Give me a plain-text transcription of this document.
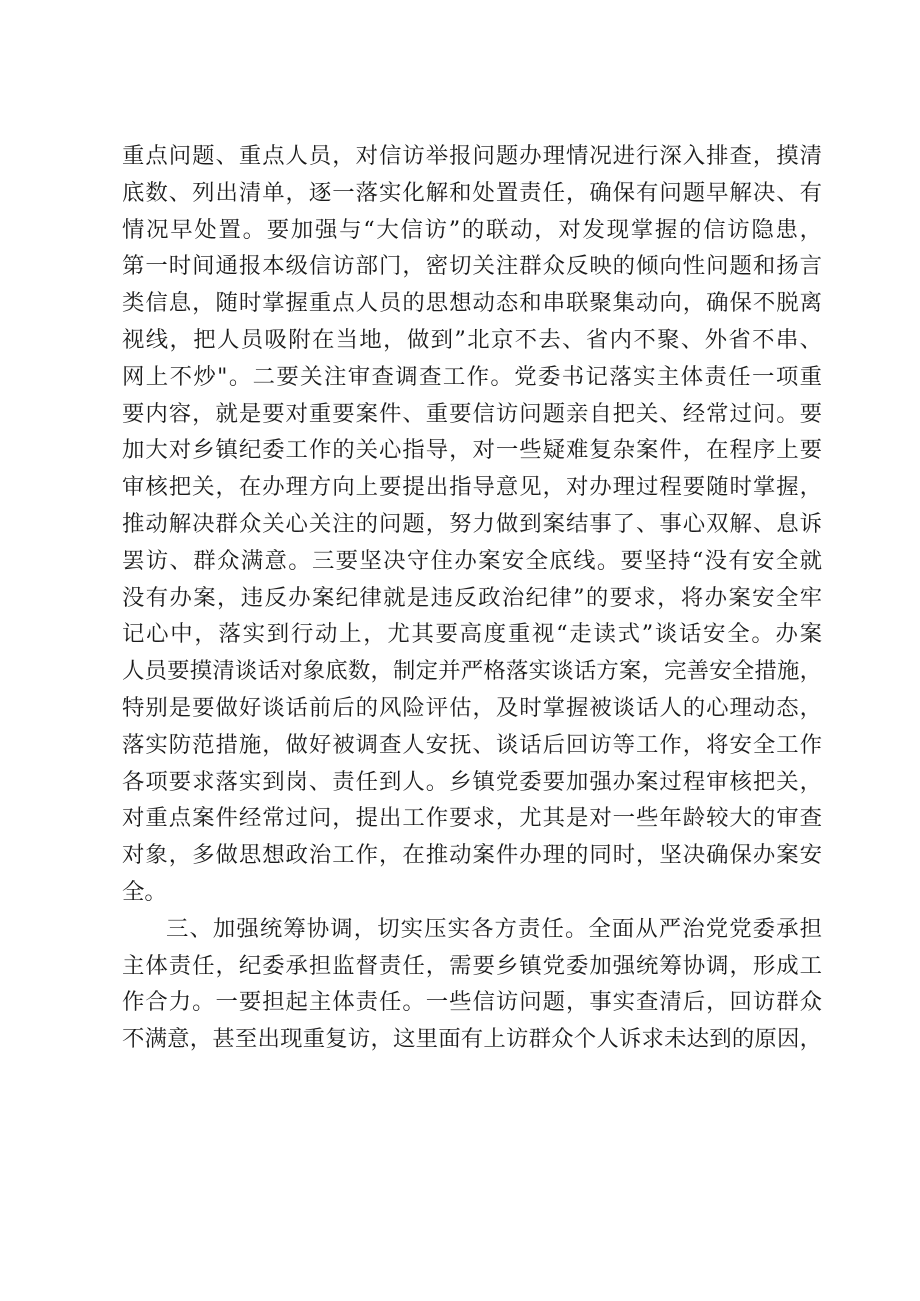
重点问题、重点人员，对信访举报问题办理情况进行深入排查，摸清
底数、列出清单，逐一落实化解和处置责任，确保有问题早解决、有
情况早处置。要加强与“大信访”的联动，对发现掌握的信访隐患，
第一时间通报本级信访部门，密切关注群众反映的倾向性问题和扬言
类信息，随时掌握重点人员的思想动态和串联聚集动向，确保不脱离
视线，把人员吸附在当地，做到”北京不去、省内不聚、外省不串、
网上不炒"。二要关注审查调查工作。党委书记落实主体责任一项重
要内容，就是要对重要案件、重要信访问题亲自把关、经常过问。要
加大对乡镇纪委工作的关心指导，对一些疑难复杂案件，在程序上要
审核把关，在办理方向上要提出指导意见，对办理过程要随时掌握，
推动解决群众关心关注的问题，努力做到案结事了、事心双解、息诉
罢访、群众满意。三要坚决守住办案安全底线。要坚持“没有安全就
没有办案，违反办案纪律就是违反政治纪律”的要求，将办案安全牢
记心中，落实到行动上，尤其要高度重视“走读式”谈话安全。办案
人员要摸清谈话对象底数，制定并严格落实谈话方案，完善安全措施，
特别是要做好谈话前后的风险评估，及时掌握被谈话人的心理动态，
落实防范措施，做好被调查人安抚、谈话后回访等工作，将安全工作
各项要求落实到岗、责任到人。乡镇党委要加强办案过程审核把关，
对重点案件经常过问，提出工作要求，尤其是对一些年龄较大的审查
对象，多做思想政治工作，在推动案件办理的同时，坚决确保办案安
全。
三、加强统筹协调，切实压实各方责任。全面从严治党党委承担
主体责任，纪委承担监督责任，需要乡镇党委加强统筹协调，形成工
作合力。一要担起主体责任。一些信访问题，事实查清后，回访群众
不满意，甚至出现重复访，这里面有上访群众个人诉求未达到的原因，
